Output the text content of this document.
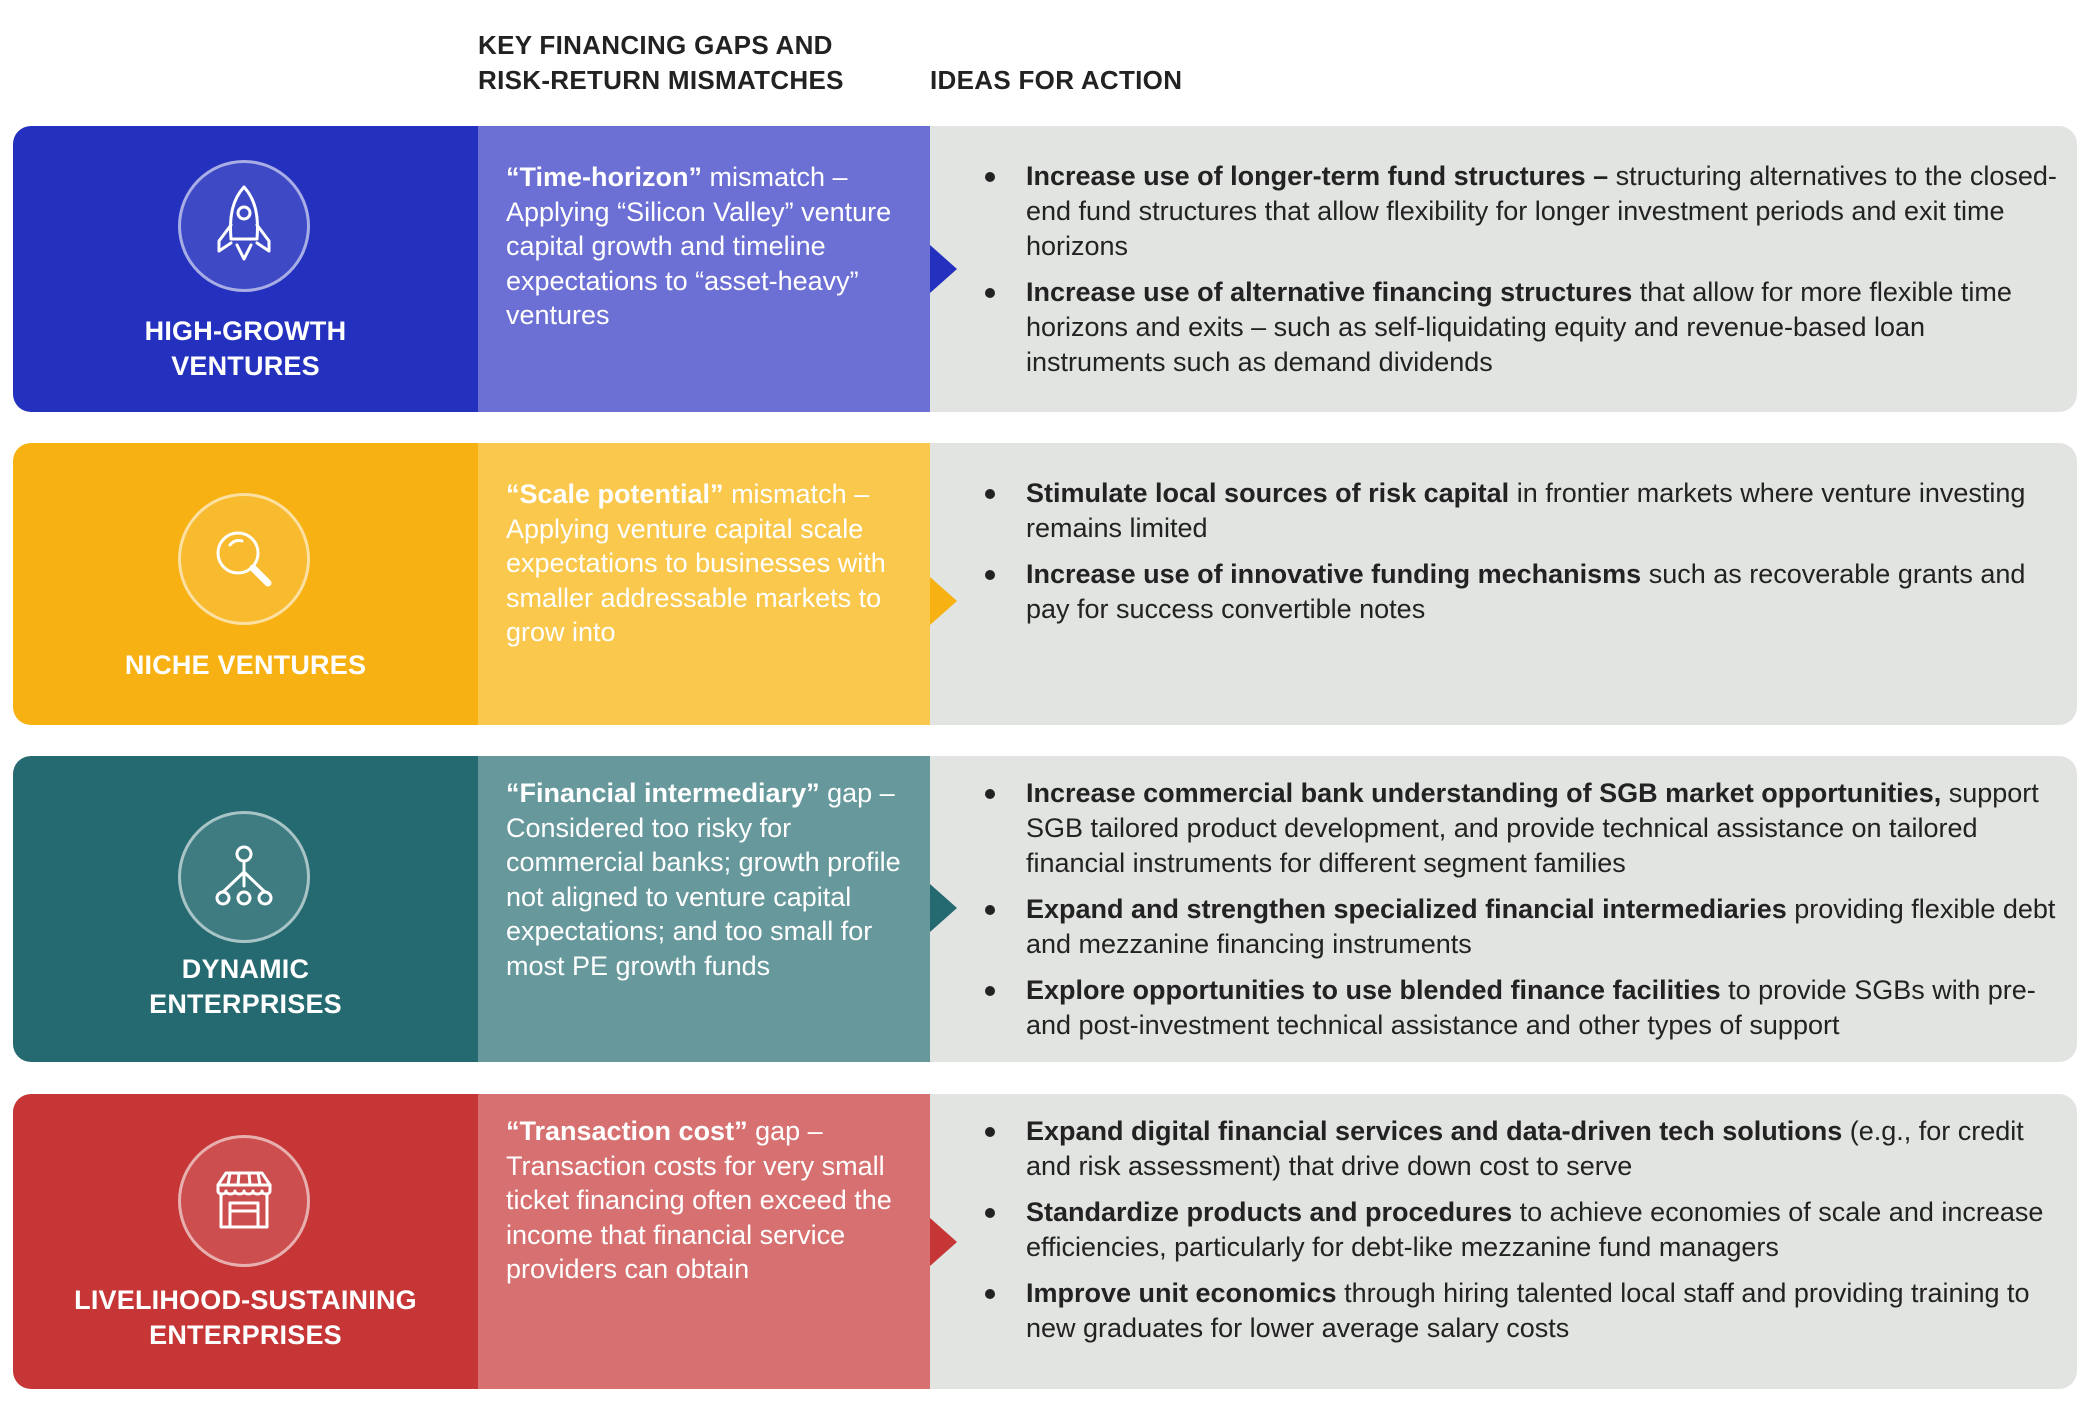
KEY FINANCING GAPS AND
RISK-RETURN MISMATCHES	IDEAS FOR ACTION
HIGH-GROWTH
VENTURES
“Time-horizon” mismatch – Applying “Silicon Valley” venture capital growth and timeline expectations to “asset-heavy” ventures
Increase use of longer-term fund structures – structuring alternatives to the closed-end fund structures that allow flexibility for longer investment periods and exit time horizons
Increase use of alternative financing structures that allow for more flexible time horizons and exits – such as self-liquidating equity and revenue-based loan instruments such as demand dividends
NICHE VENTURES
“Scale potential” mismatch – Applying venture capital scale expectations to businesses with smaller addressable markets to grow into
Stimulate local sources of risk capital in frontier markets where venture investing remains limited
Increase use of innovative funding mechanisms such as recoverable grants and pay for success convertible notes
DYNAMIC
ENTERPRISES
“Financial intermediary” gap – Considered too risky for commercial banks; growth profile not aligned to venture capital expectations; and too small for most PE growth funds
Increase commercial bank understanding of SGB market opportunities, support SGB tailored product development, and provide technical assistance on tailored financial instruments for different segment families
Expand and strengthen specialized financial intermediaries providing flexible debt and mezzanine financing instruments
Explore opportunities to use blended finance facilities to provide SGBs with pre- and post-investment technical assistance and other types of support
LIVELIHOOD-SUSTAINING
ENTERPRISES
“Transaction cost” gap – Transaction costs for very small ticket financing often exceed the income that financial service providers can obtain
Expand digital financial services and data-driven tech solutions (e.g., for credit and risk assessment) that drive down cost to serve
Standardize products and procedures to achieve economies of scale and increase efficiencies, particularly for debt-like mezzanine fund managers
Improve unit economics through hiring talented local staff and providing training to new graduates for lower average salary costs
